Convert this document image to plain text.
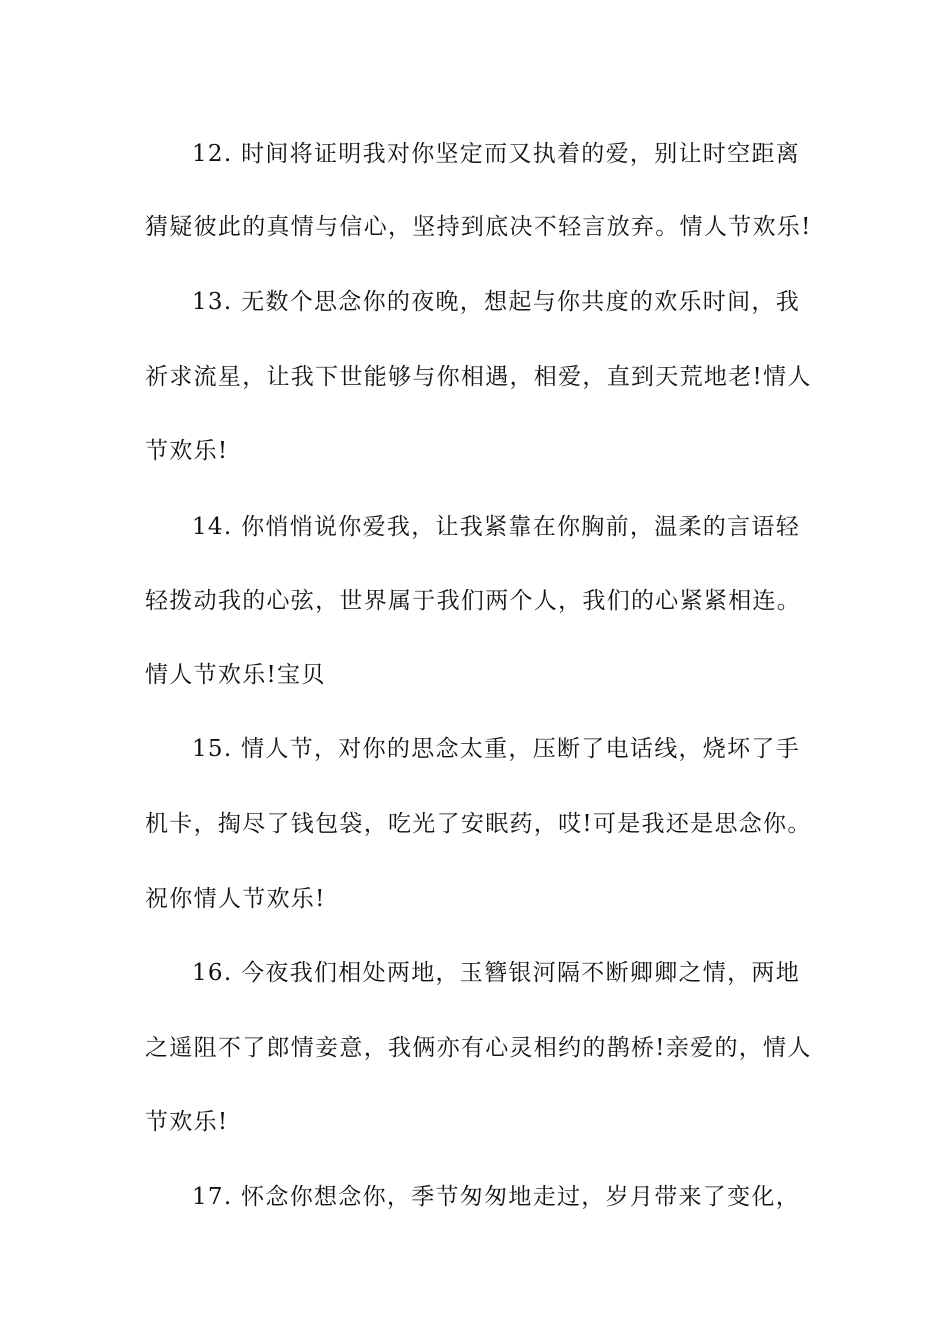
12. 时间将证明我对你坚定而又执着的爱，别让时空距离
猜疑彼此的真情与信心，坚持到底决不轻言放弃。情人节欢乐!
13. 无数个思念你的夜晚，想起与你共度的欢乐时间，我
祈求流星，让我下世能够与你相遇，相爱，直到天荒地老!情人
节欢乐!
14. 你悄悄说你爱我，让我紧靠在你胸前，温柔的言语轻
轻拨动我的心弦，世界属于我们两个人，我们的心紧紧相连。
情人节欢乐!宝贝
15. 情人节，对你的思念太重，压断了电话线，烧坏了手
机卡，掏尽了钱包袋，吃光了安眠药，哎!可是我还是思念你。
祝你情人节欢乐!
16. 今夜我们相处两地，玉簪银河隔不断卿卿之情，两地
之遥阻不了郎情妾意，我俩亦有心灵相约的鹊桥!亲爱的，情人
节欢乐!
17. 怀念你想念你，季节匆匆地走过，岁月带来了变化，
